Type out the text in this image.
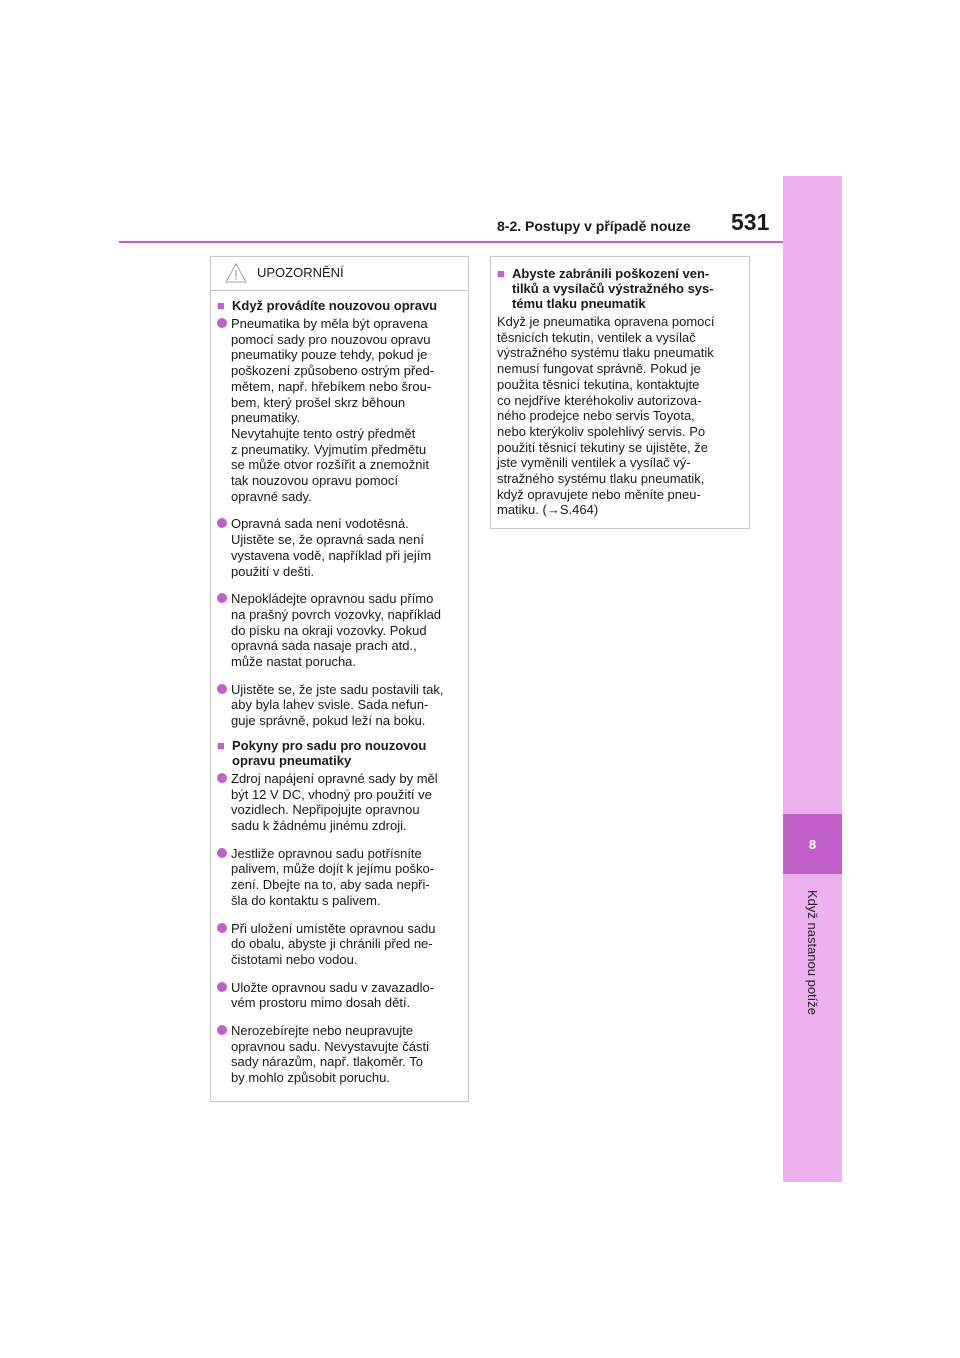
8
Když nastanou potíže
8-2. Postupy v případě nouze 531
UPOZORNĚNÍ
■ Když provádíte nouzovou opravu
Pneumatika by měla být opravena
pomocí sady pro nouzovou opravu
pneumatiky pouze tehdy, pokud je
poškození způsobeno ostrým před-
mětem, např. hřebíkem nebo šrou-
bem, který prošel skrz běhoun
pneumatiky.
Nevytahujte tento ostrý předmět
z pneumatiky. Vyjmutím předmětu
se může otvor rozšířit a znemožnit
tak nouzovou opravu pomocí
opravné sady.
Opravná sada není vodotěsná.
Ujistěte se, že opravná sada není
vystavena vodě, například při jejím
použití v dešti.
Nepokládejte opravnou sadu přímo
na prašný povrch vozovky, například
do písku na okraji vozovky. Pokud
opravná sada nasaje prach atd.,
může nastat porucha.
Ujistěte se, že jste sadu postavili tak,
aby byla lahev svisle. Sada nefun-
guje správně, pokud leží na boku.
■ Pokyny pro sadu pro nouzovou
opravu pneumatiky
Zdroj napájení opravné sady by měl
být 12 V DC, vhodný pro použití ve
vozidlech. Nepřipojujte opravnou
sadu k žádnému jinému zdroji.
Jestliže opravnou sadu potřísníte
palivem, může dojít k jejímu poško-
zení. Dbejte na to, aby sada nepři-
šla do kontaktu s palivem.
Při uložení umístěte opravnou sadu
do obalu, abyste ji chránili před ne-
čistotami nebo vodou.
Uložte opravnou sadu v zavazadlo-
vém prostoru mimo dosah dětí.
Nerozebírejte nebo neupravujte
opravnou sadu. Nevystavujte části
sady nárazům, např. tlakoměr. To
by mohlo způsobit poruchu.
■ Abyste zabránili poškození ven-
tilků a vysílačů výstražného sys-
tému tlaku pneumatik
Když je pneumatika opravena pomocí
těsnicích tekutin, ventilek a vysílač
výstražného systému tlaku pneumatik
nemusí fungovat správně. Pokud je
použita těsnicí tekutina, kontaktujte
co nejdříve kteréhokoliv autorizova-
ného prodejce nebo servis Toyota,
nebo kterýkoliv spolehlivý servis. Po
použití těsnicí tekutiny se ujistěte, že
jste vyměnili ventilek a vysílač vý-
stražného systému tlaku pneumatik,
když opravujete nebo měníte pneu-
matiku. (→S.464)
